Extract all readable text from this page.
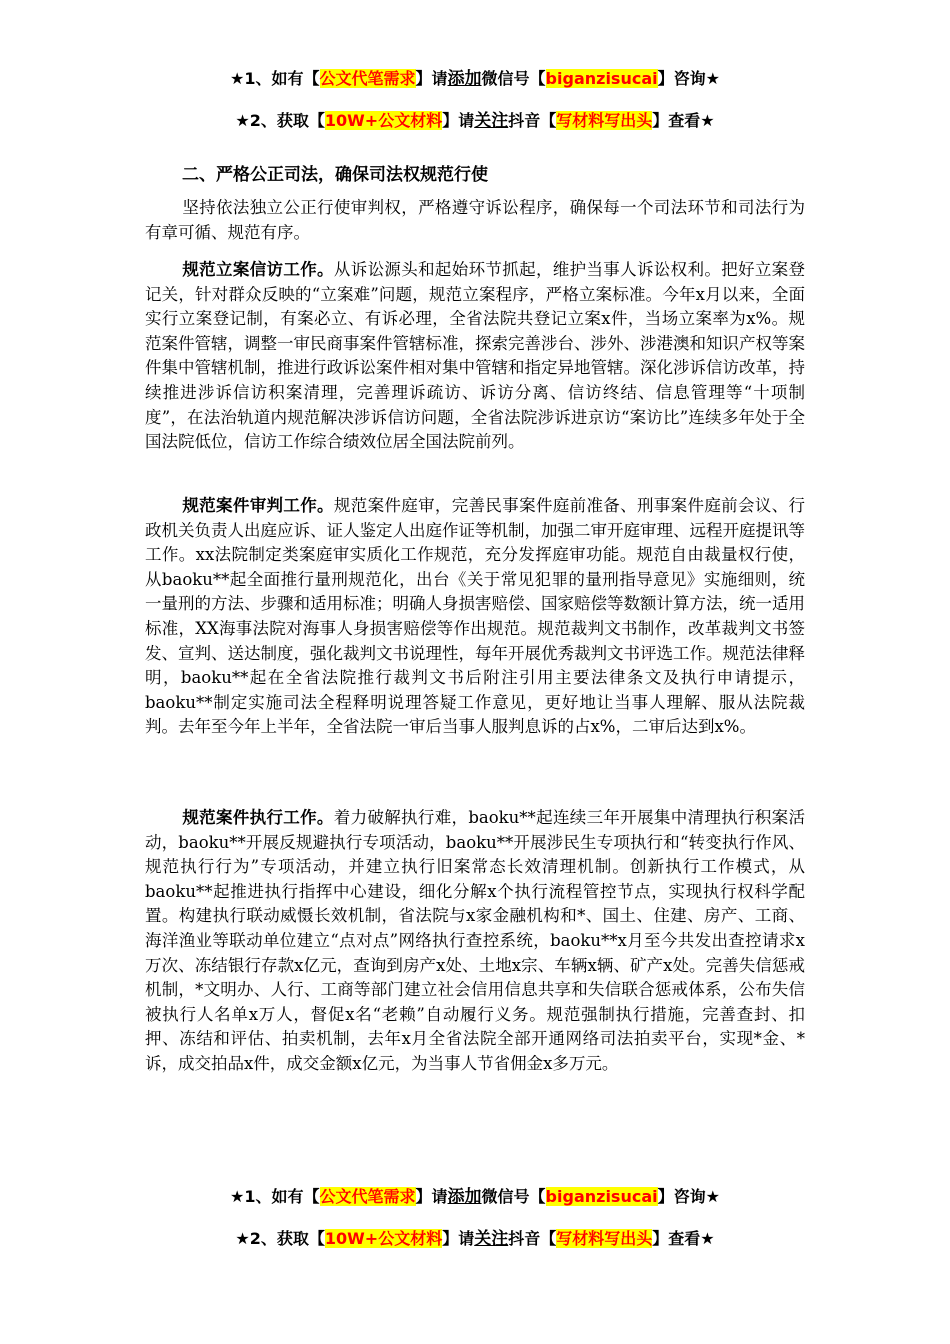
★1、如有【公文代笔需求】请添加微信号【biganzisucai】咨询★
★2、获取【10W+公文材料】请关注抖音【写材料写出头】查看★
二、严格公正司法，确保司法权规范行使

坚持依法独立公正行使审判权，严格遵守诉讼程序，确保每一个司法环节和司法行为有章可循、规范有序。

规范立案信访工作。从诉讼源头和起始环节抓起，维护当事人诉讼权利。把好立案登记关，针对群众反映的“立案难”问题，规范立案程序，严格立案标准。今年x月以来，全面实行立案登记制，有案必立、有诉必理，全省法院共登记立案x件，当场立案率为x%。规范案件管辖，调整一审民商事案件管辖标准，探索完善涉台、涉外、涉港澳和知识产权等案件集中管辖机制，推进行政诉讼案件相对集中管辖和指定异地管辖。深化涉诉信访改革，持续推进涉诉信访积案清理，完善理诉疏访、诉访分离、信访终结、信息管理等“十项制度”，在法治轨道内规范解决涉诉信访问题，全省法院涉诉进京访“案访比”连续多年处于全国法院低位，信访工作综合绩效位居全国法院前列。

规范案件审判工作。规范案件庭审，完善民事案件庭前准备、刑事案件庭前会议、行政机关负责人出庭应诉、证人鉴定人出庭作证等机制，加强二审开庭审理、远程开庭提讯等工作。xx法院制定类案庭审实质化工作规范，充分发挥庭审功能。规范自由裁量权行使，从baoku**起全面推行量刑规范化，出台《关于常见犯罪的量刑指导意见》实施细则，统一量刑的方法、步骤和适用标准；明确人身损害赔偿、国家赔偿等数额计算方法，统一适用标准，XX海事法院对海事人身损害赔偿等作出规范。规范裁判文书制作，改革裁判文书签发、宣判、送达制度，强化裁判文书说理性，每年开展优秀裁判文书评选工作。规范法律释明，baoku**起在全省法院推行裁判文书后附注引用主要法律条文及执行申请提示，baoku**制定实施司法全程释明说理答疑工作意见，更好地让当事人理解、服从法院裁判。去年至今年上半年，全省法院一审后当事人服判息诉的占x%，二审后达到x%。

规范案件执行工作。着力破解执行难，baoku**起连续三年开展集中清理执行积案活动，baoku**开展反规避执行专项活动，baoku**开展涉民生专项执行和“转变执行作风、规范执行行为”专项活动，并建立执行旧案常态长效清理机制。创新执行工作模式，从baoku**起推进执行指挥中心建设，细化分解x个执行流程管控节点，实现执行权科学配置。构建执行联动威慑长效机制，省法院与x家金融机构和*、国土、住建、房产、工商、海洋渔业等联动单位建立“点对点”网络执行查控系统，baoku**x月至今共发出查控请求x万次、冻结银行存款x亿元，查询到房产x处、土地x宗、车辆x辆、矿产x处。完善失信惩戒机制，*文明办、人行、工商等部门建立社会信用信息共享和失信联合惩戒体系，公布失信被执行人名单x万人，督促x名“老赖”自动履行义务。规范强制执行措施，完善查封、扣押、冻结和评估、拍卖机制，去年x月全省法院全部开通网络司法拍卖平台，实现*金、*诉，成交拍品x件，成交金额x亿元，为当事人节省佣金x多万元。

★1、如有【公文代笔需求】请添加微信号【biganzisucai】咨询★
★2、获取【10W+公文材料】请关注抖音【写材料写出头】查看★
